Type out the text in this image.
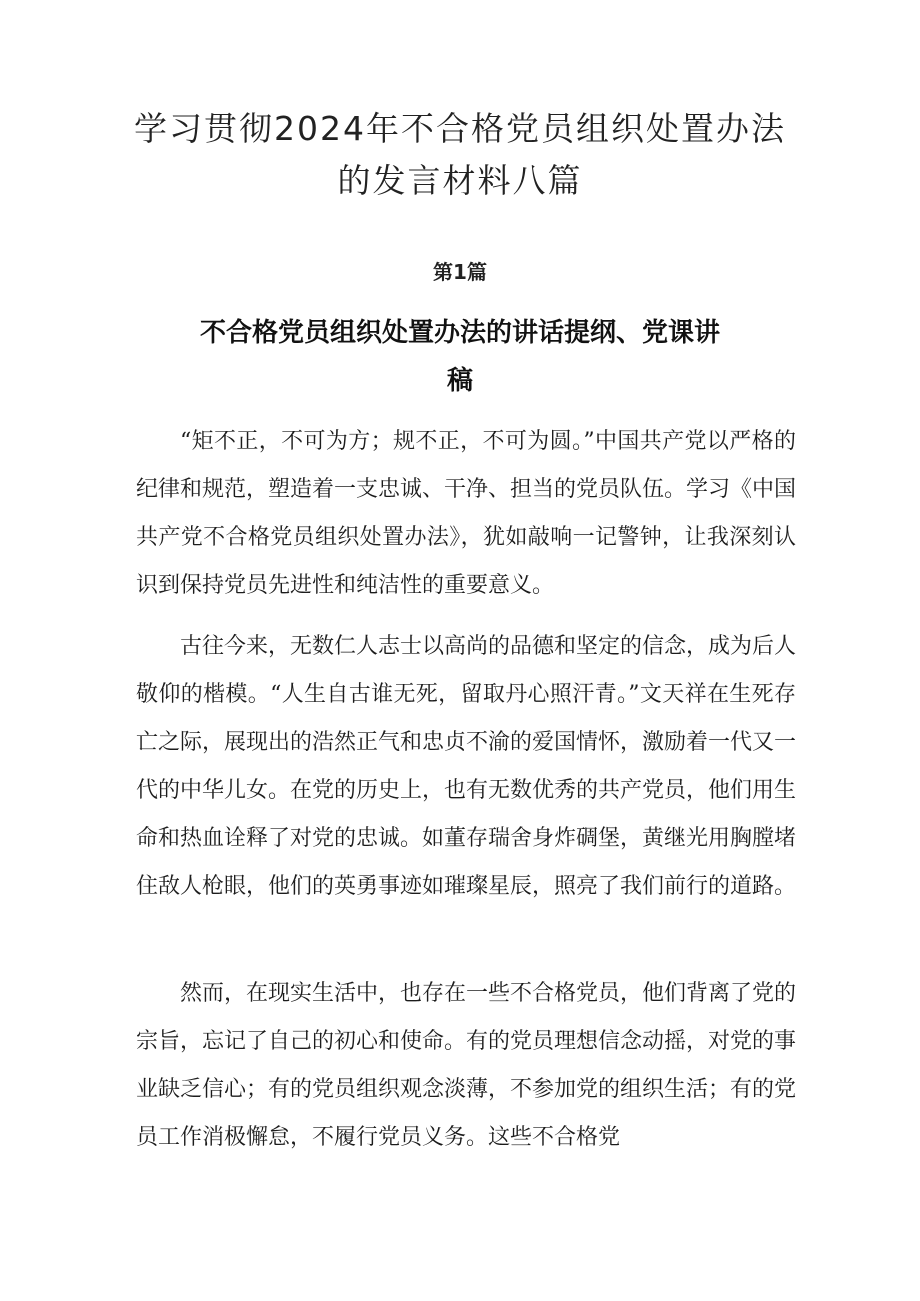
学习贯彻2024年不合格党员组织处置办法
的发言材料八篇
第1篇
不合格党员组织处置办法的讲话提纲、党课讲
稿

“矩不正，不可为方；规不正，不可为圆。”中国共产党以严格的纪律和规范，塑造着一支忠诚、干净、担当的党员队伍。学习《中国共产党不合格党员组织处置办法》，犹如敲响一记警钟，让我深刻认识到保持党员先进性和纯洁性的重要意义。

古往今来，无数仁人志士以高尚的品德和坚定的信念，成为后人敬仰的楷模。“人生自古谁无死，留取丹心照汗青。”文天祥在生死存亡之际，展现出的浩然正气和忠贞不渝的爱国情怀，激励着一代又一代的中华儿女。在党的历史上，也有无数优秀的共产党员，他们用生命和热血诠释了对党的忠诚。如董存瑞舍身炸碉堡，黄继光用胸膛堵住敌人枪眼，他们的英勇事迹如璀璨星辰，照亮了我们前行的道路。

然而，在现实生活中，也存在一些不合格党员，他们背离了党的宗旨，忘记了自己的初心和使命。有的党员理想信念动摇，对党的事业缺乏信心；有的党员组织观念淡薄，不参加党的组织生活；有的党员工作消极懈怠，不履行党员义务。这些不合格党
